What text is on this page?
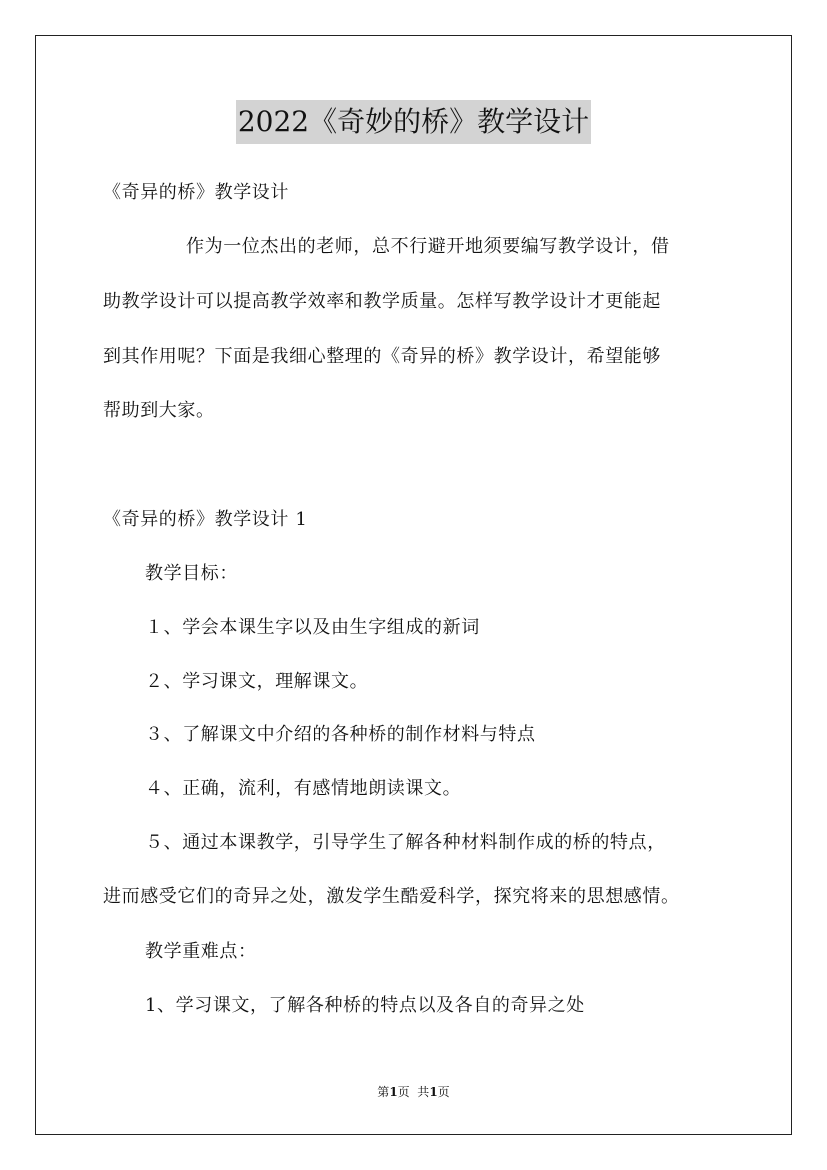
2022《奇妙的桥》教学设计
《奇异的桥》教学设计
作为一位杰出的老师，总不行避开地须要编写教学设计，借
助教学设计可以提高教学效率和教学质量。怎样写教学设计才更能起
到其作用呢？下面是我细心整理的《奇异的桥》教学设计，希望能够
帮助到大家。
《奇异的桥》教学设计 1
教学目标：
１、学会本课生字以及由生字组成的新词
２、学习课文，理解课文。
３、了解课文中介绍的各种桥的制作材料与特点
４、正确，流利，有感情地朗读课文。
５、通过本课教学，引导学生了解各种材料制作成的桥的特点，
进而感受它们的奇异之处，激发学生酷爱科学，探究将来的思想感情。
教学重难点：
1、学习课文，了解各种桥的特点以及各自的奇异之处
第1页  共1页
